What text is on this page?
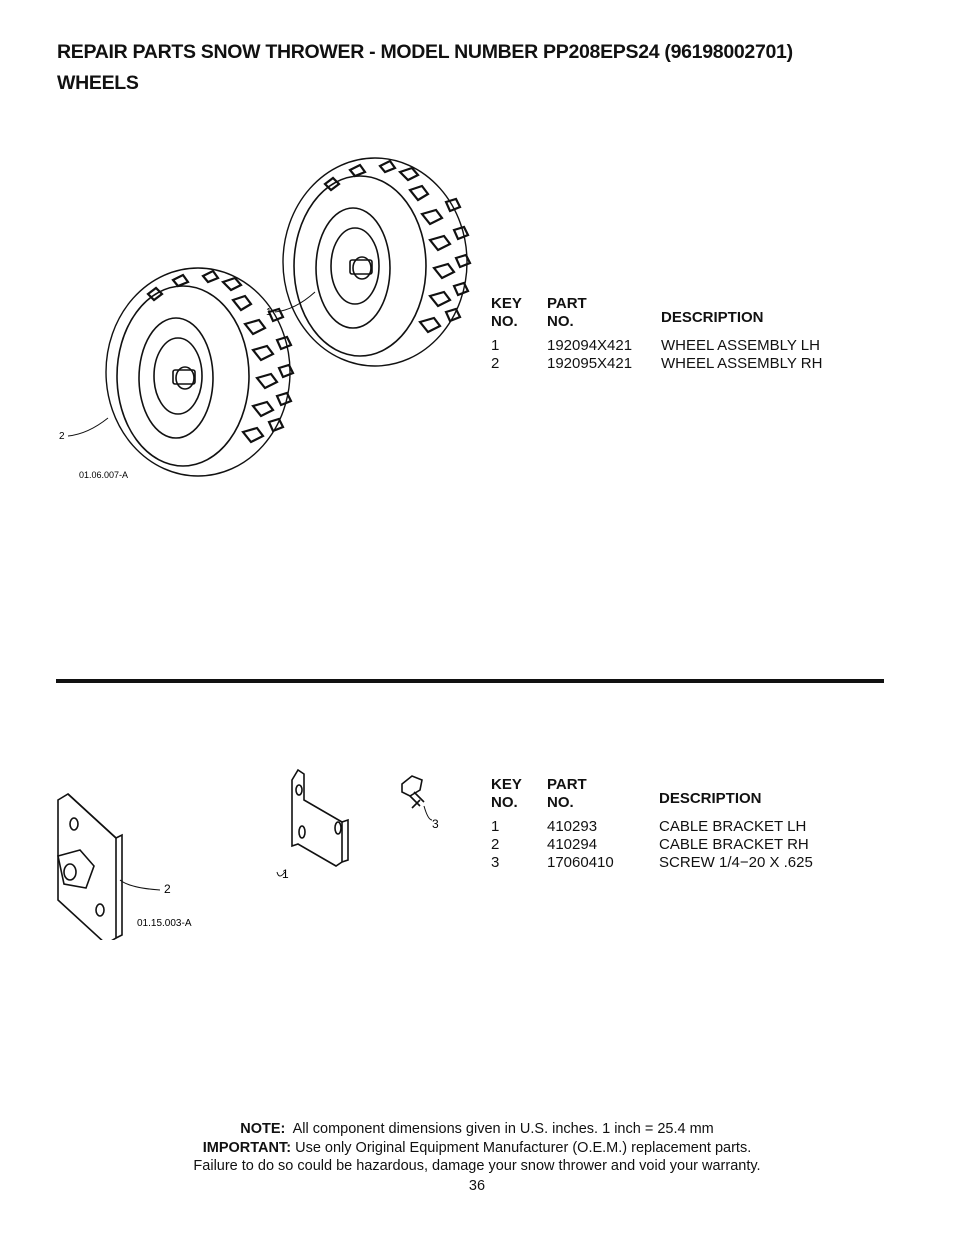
REPAIR PARTS SNOW THROWER - MODEL NUMBER PP208EPS24 (96198002701)
WHEELS
1
2
01.06.007-A
KEY
NO.
PART
NO.	DESCRIPTION
1	192094X421 WHEEL ASSEMBLY LH
2	192095X421 WHEEL ASSEMBLY RH
1
2
3
01.15.003-A
KEY
NO.
PART
NO.	DESCRIPTION
1	410293	CABLE BRACKET LH
2	410294	CABLE BRACKET RH
3	17060410	SCREW 1/4−20 X .625
NOTE: All component dimensions given in U.S. inches. 1 inch = 25.4 mm
IMPORTANT: Use only Original Equipment Manufacturer (O.E.M.) replacement parts.
Failure to do so could be hazardous, damage your snow thrower and void your warranty.
36
